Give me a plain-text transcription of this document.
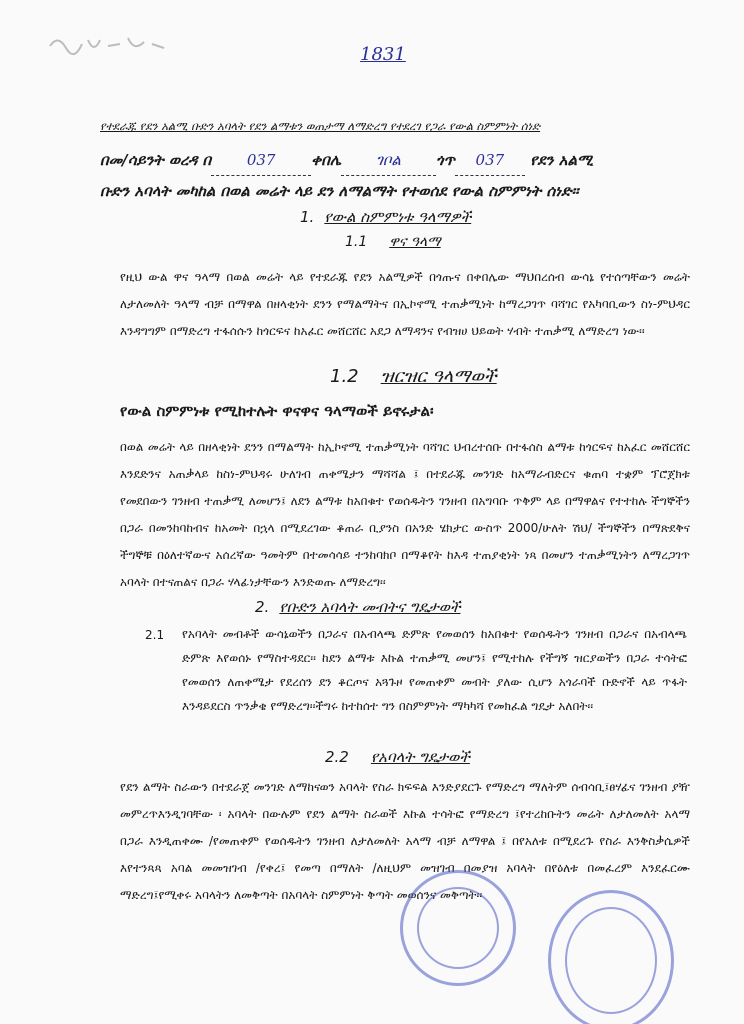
1831
የተደራጁ የደን አልሚ ቡድን አባላት የደን ልማቱን ወጠታማ ለማድረግ የተደረገ የጋራ የውል ስምምነት ሰነድ
በመ/ሳይንት ወረዳ በ 037 ቀበሌ ገቦል ጎጥ 037 የደን አልሚ
ቡድን አባላት መካከል በወል መሬት ላይ ደን ለማልማት የተወሰደ የውል ስምምነት ሰነድ፡፡
1. የውል ስምምነቱ ዓላማዎች
1.1 ዋና ዓላማ
የዚህ ውል ዋና ዓላማ በወል መሬት ላይ የተደራጁ የደን አልሚዎች በጎጡና በቀበሌው ማህበረሰብ ውሳኔ የተሰጣቸውን መሬት ለታለመለት ዓላማ ብቻ በማዋል በዘላቂነት ደንን የማልማትና በኢኮኖሚ ተጠቃሚነት ከማረጋገጥ ባሻገር የአካባቢውን ስነ-ምህዳር እንዳግግም በማድረግ ተፋሰሱን ከጎርፍና ከአፈር መሸርሸር አደጋ ለማዳንና የብዝሀ ህይወት ሃብት ተጠቃሚ ለማድረግ ነው፡፡
1.2 ዝርዝር ዓላማወች
የውል ስምምነቱ የሚከተሉት ዋናዋና ዓላማወች ይኖሩታል፡
በወል መሬት ላይ በዘላቂነት ደንን በማልማት ከኢኮኖሚ ተጠቃሚነት ባሻገር ህብረተሰቡ በተፋሰስ ልማቱ ከጎርፍና ከአፈር መሸርሸር እንደድንና አጠቃላይ ከስነ-ምህዳሩ ሁለገብ ጠቀሜታን ማሻሻል ፤ በተደራጁ መንገድ ከአማራብድርና ቁጠባ ተቋም ፕሮጀክቱ የመደበውን ገንዘብ ተጠቃሚ ለመሆን፤ ለደን ልማቱ ከአበቁተ የወሰዱትን ገንዘብ በአግባቡ ጥቅም ላይ በማዋልና የተተከሉ ችግኞችን በጋራ በመንከባከብና ከአመት በኋላ በሚደረገው ቆጠራ ቢያንስ በአንድ ሄክታር ውስጥ 2000/ሁለት ሽህ/ ችግኞችን በማጽደቅና ችግኞቹ በዕለተኛውና አሰረኛው ዓመትም በተመሳሳይ ተንከባክቦ በማቆየት ከእዳ ተጠያቂነት ነጻ በመሆን ተጠቃሚነትን ለማረጋገጥ አባላት በተናጠልና በጋራ ሃላፊነታቸውን እንድወጡ ለማድረግ፡፡
2. የቡድን አባላት መብትና ግዴታወች
2.1 የአባላት መብቶች ውሳኔወችን በጋራና በአብላጫ ድምጽ የመወሰን ከአበቁተ የወሰዱትን ገንዘብ በጋራና በአብላጫ ድምጽ እየወሰኑ የማስተዳደር፡፡ ከደን ልማቱ እኩል ተጠቃሚ መሆን፤ የሚተከሉ የችግኝ ዝርያወችን በጋራ ተሳትፎ የመወሰን ለጠቀሜታ የደረሰን ደን ቆርጦና አጓጉዞ የመጠቀም መብት ያለው ሲሆን አጎራባች ቡድኖች ላይ ጥፋት እንዳይደርስ ጥንቃቄ የማድረግ፡፡ችግሩ ከተከሰተ ግን በስምምነት ማካካሻ የመክፈል ግዴታ አለበት፡፡
2.2 የአባላት ግዴታወች
የደን ልማት ስራውን በተደራጀ መንገድ ለማከናወን አባላት የስራ ክፍፍል እንድያደርጉ የማድረግ ማለትም ሰብሳቢ፤ፀሃፊና ገንዘብ ያዥ መምረጥእንዲገባቸው ፡ አባላት በውሉም የደን ልማት ስራወች እኩል ተሳትፎ የማድረግ ፤የተረከቡትን መሬት ለታለመለት አላማ በጋራ እንዲጠቀሙ /የመጠቀም የወሰዱትን ገንዘብ ለታለመለት አላማ ብቻ ለማዋል ፤ በየአለቱ በሚደረጉ የስራ እንቅስቃሴዎች እየተንጻጻ አባል መመዝገብ /የቀረ፤ የመጣ በማለት /ለዚህም መዝገብ በመያዝ አባላት በየዕለቱ በመፈረም እንደፈርሙ ማድረግ፤የሚቀሩ አባላትን ለመቅጣት በአባላት ስምምነት ቅጣት መወሰንና መቅጣት፡፡
